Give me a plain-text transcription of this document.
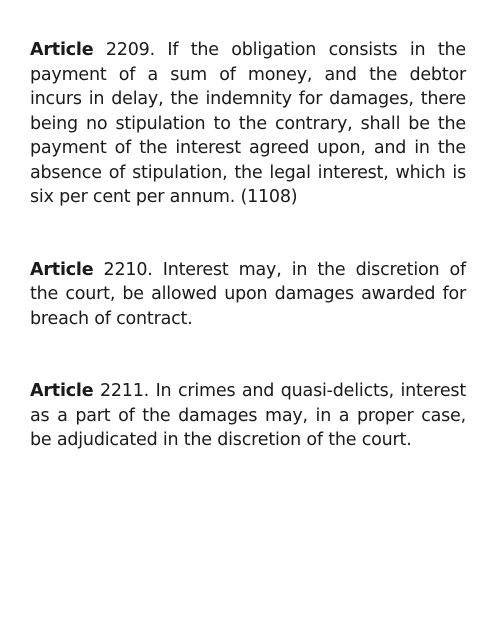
Article 2209. If the obligation consists in the payment of a sum of money, and the debtor incurs in delay, the indemnity for damages, there being no stipulation to the contrary, shall be the payment of the interest agreed upon, and in the absence of stipulation, the legal interest, which is six per cent per annum. (1108)

Article 2210. Interest may, in the discretion of the court, be allowed upon damages awarded for breach of contract.

Article 2211. In crimes and quasi-delicts, interest as a part of the damages may, in a proper case, be adjudicated in the discretion of the court.
